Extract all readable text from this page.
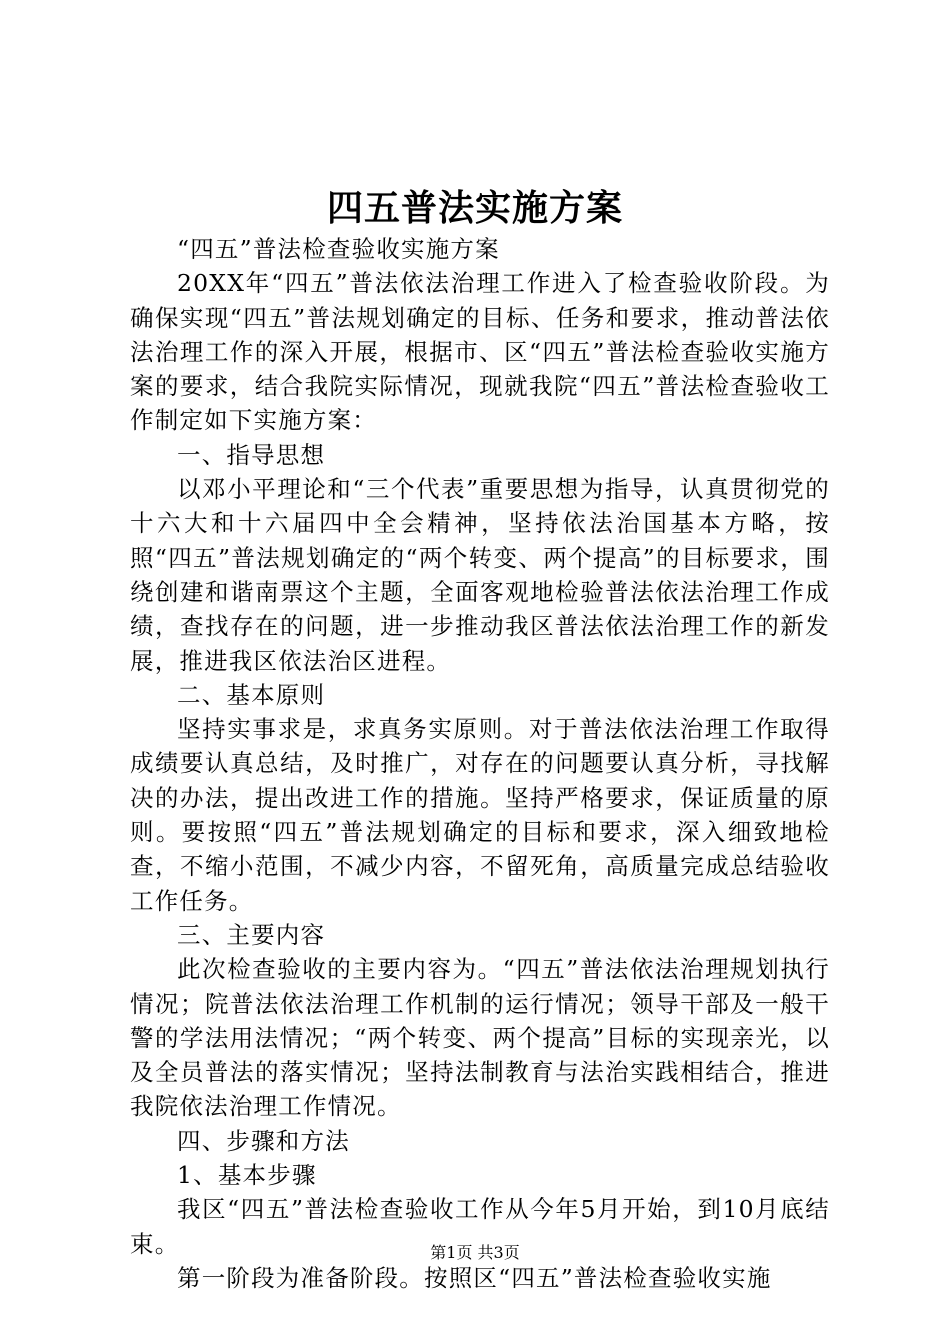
四五普法实施方案

“四五”普法检查验收实施方案

20XX年“四五”普法依法治理工作进入了检查验收阶段。为确保实现“四五”普法规划确定的目标、任务和要求，推动普法依法治理工作的深入开展，根据市、区“四五”普法检查验收实施方案的要求，结合我院实际情况，现就我院“四五”普法检查验收工作制定如下实施方案：

一、指导思想

以邓小平理论和“三个代表”重要思想为指导，认真贯彻党的十六大和十六届四中全会精神，坚持依法治国基本方略，按照“四五”普法规划确定的“两个转变、两个提高”的目标要求，围绕创建和谐南票这个主题，全面客观地检验普法依法治理工作成绩，查找存在的问题，进一步推动我区普法依法治理工作的新发展，推进我区依法治区进程。

二、基本原则

坚持实事求是，求真务实原则。对于普法依法治理工作取得成绩要认真总结，及时推广，对存在的问题要认真分析，寻找解决的办法，提出改进工作的措施。坚持严格要求，保证质量的原则。要按照“四五”普法规划确定的目标和要求，深入细致地检查，不缩小范围，不减少内容，不留死角，高质量完成总结验收工作任务。

三、主要内容

此次检查验收的主要内容为。“四五”普法依法治理规划执行情况；院普法依法治理工作机制的运行情况；领导干部及一般干警的学法用法情况；“两个转变、两个提高”目标的实现亲光，以及全员普法的落实情况；坚持法制教育与法治实践相结合，推进我院依法治理工作情况。

四、步骤和方法

1、基本步骤

我区“四五”普法检查验收工作从今年5月开始，到10月底结束。

第一阶段为准备阶段。按照区“四五”普法检查验收实施

第1页 共3页
